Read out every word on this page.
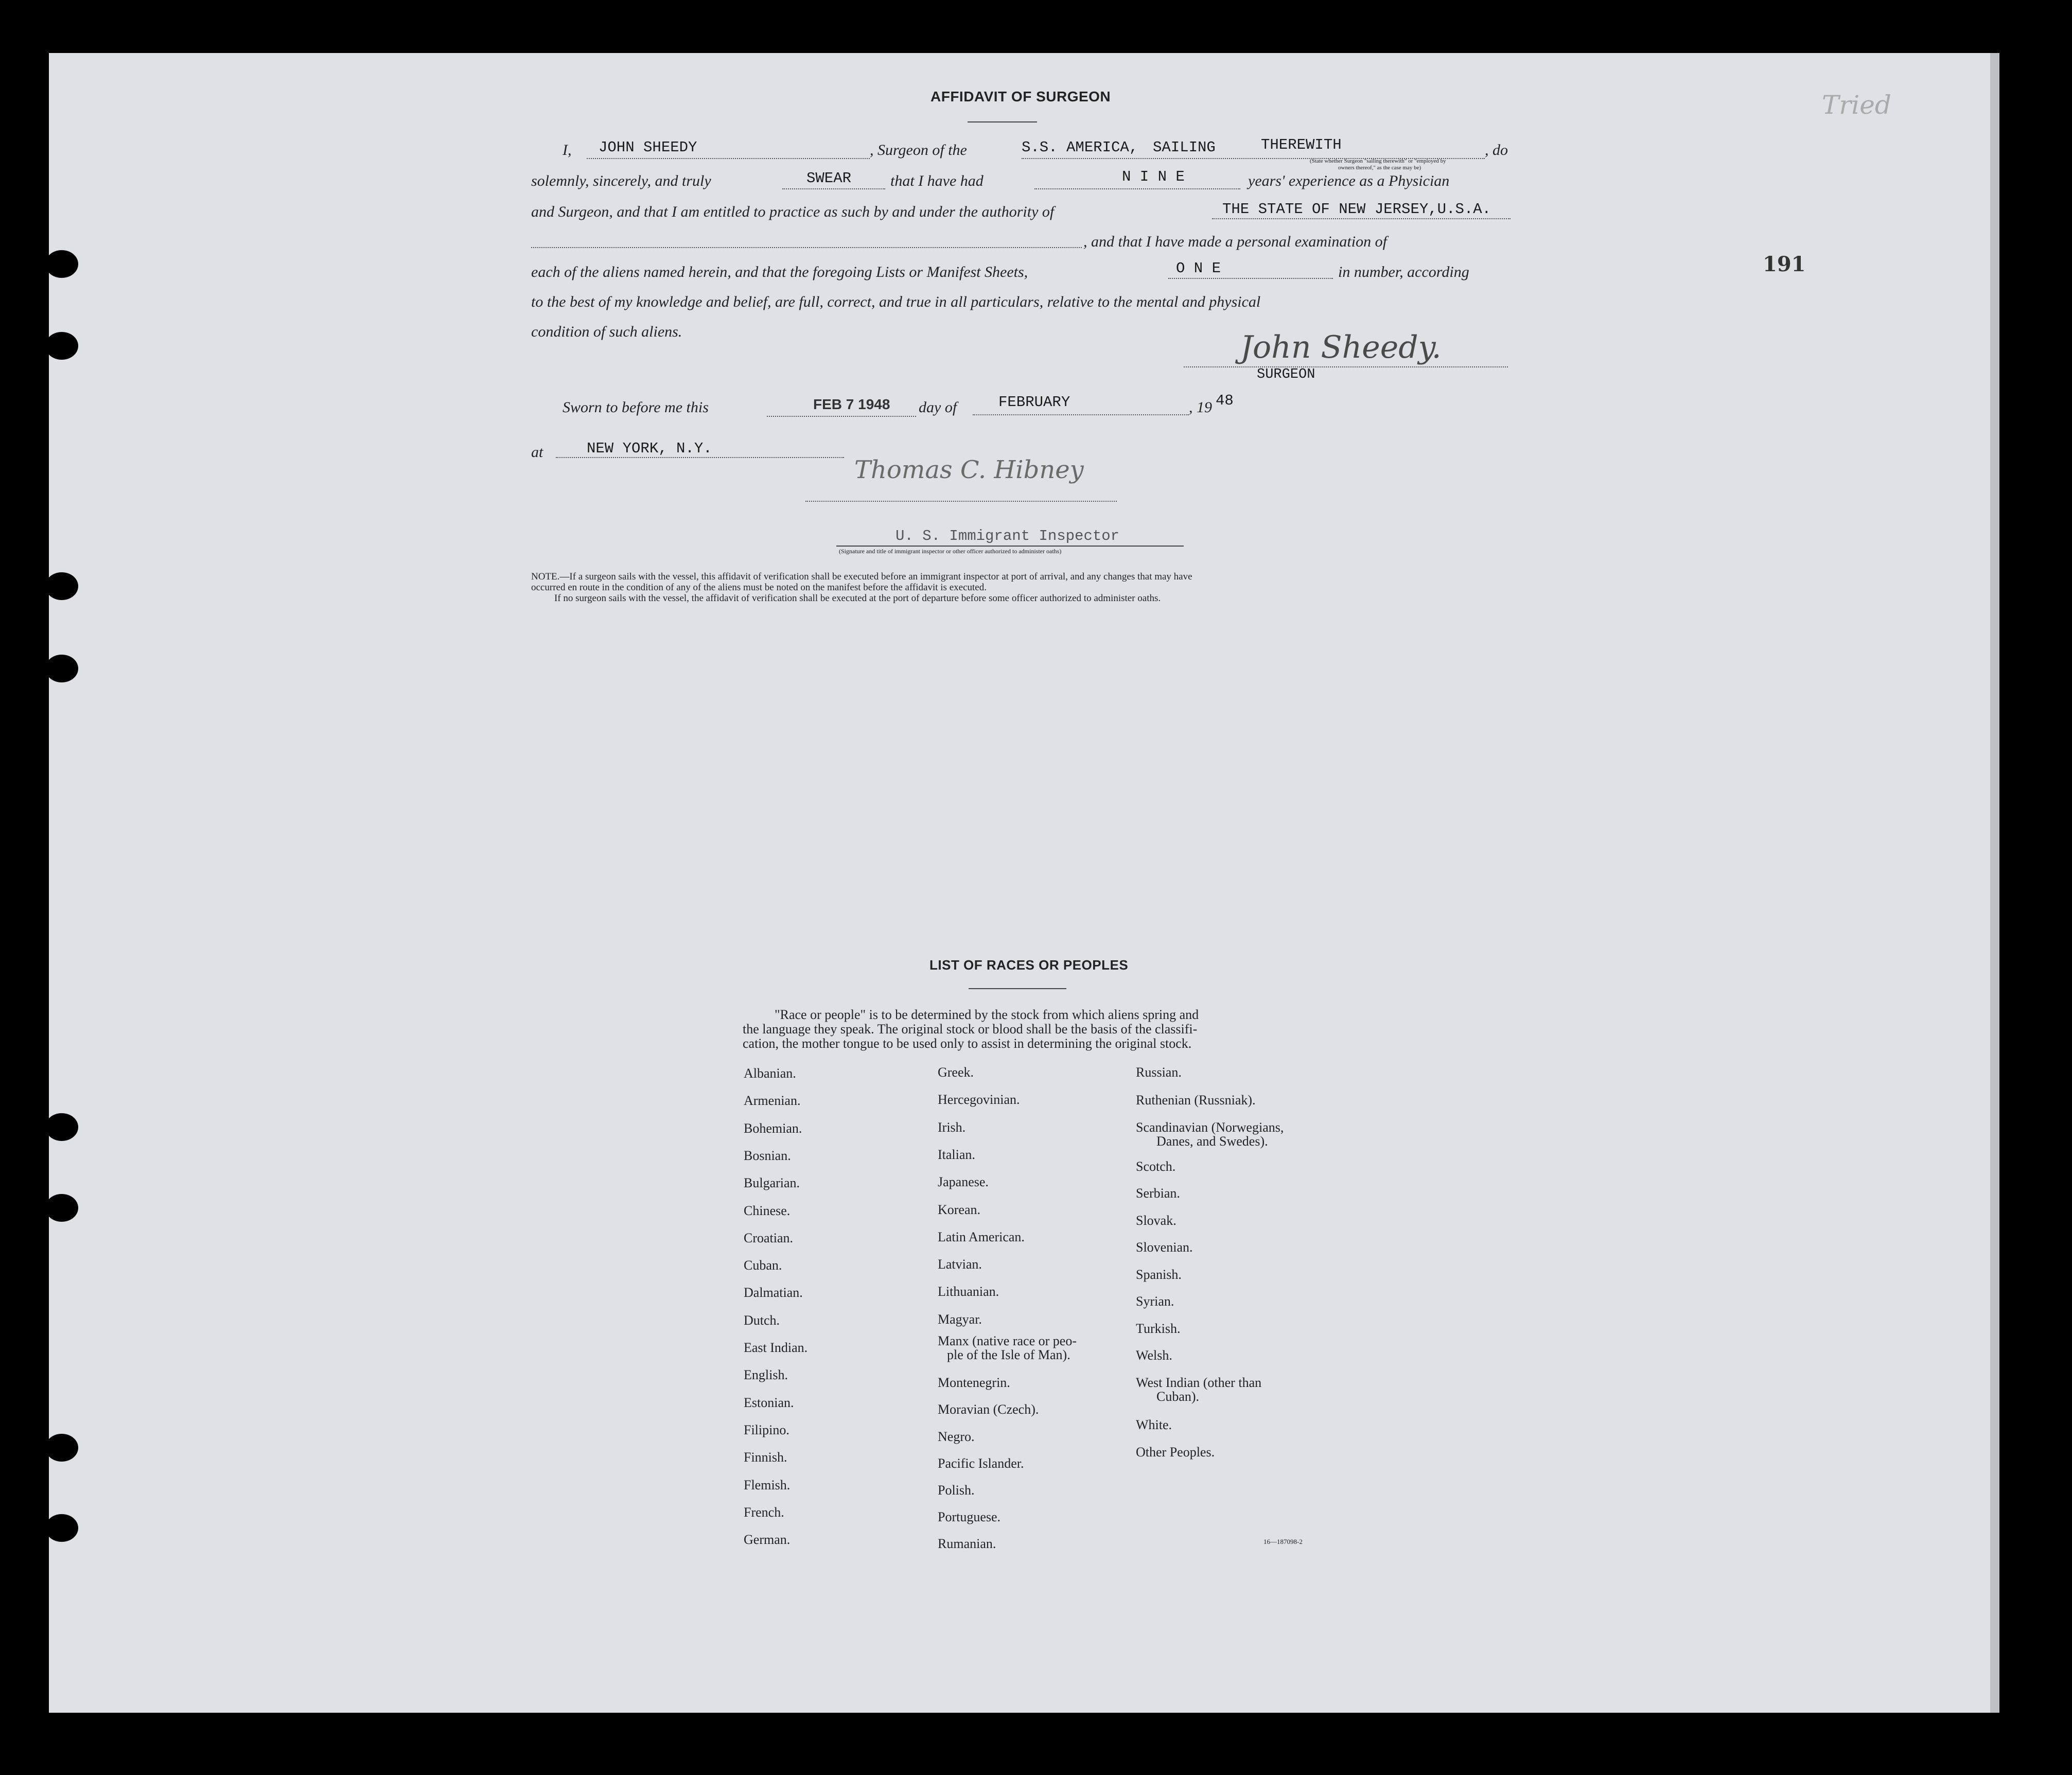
AFFIDAVIT OF SURGEON
I, JOHN SHEEDY	, Surgeon of the	S.S. AMERICA, SAILING	THEREWITH
(State whether Surgeon "sailing therewith" or "employed by
owners thereof," as the case may be)
, do
solemnly, sincerely, and truly	SWEAR	that I have had	N I N E	years' experience as a Physician
and Surgeon, and that I am entitled to practice as such by and under the authority of	THE STATE OF NEW JERSEY,U.S.A.
, and that I have made a personal examination of
each of the aliens named herein, and that the foregoing Lists or Manifest Sheets,	O N E	in number, according
to the best of my knowledge and belief, are full, correct, and true in all particulars, relative to the mental and physical
condition of such aliens.	John Sheedy.
SURGEON
Sworn to before me this	FEB 7 1948 day of	FEBRUARY	, 19 48
at	NEW YORK, N.Y.
Thomas C. Hibney
U. S. Immigrant Inspector
(Signature and title of immigrant inspector or other officer authorized to administer oaths)
NOTE.—If a surgeon sails with the vessel, this affidavit of verification shall be executed before an immigrant inspector at port of arrival, and any changes that may have
occurred en route in the condition of any of the aliens must be noted on the manifest before the affidavit is executed.
If no surgeon sails with the vessel, the affidavit of verification shall be executed at the port of departure before some officer authorized to administer oaths.
191
Tried
LIST OF RACES OR PEOPLES
"Race or people" is to be determined by the stock from which aliens spring and
the language they speak. The original stock or blood shall be the basis of the classifi-
cation, the mother tongue to be used only to assist in determining the original stock.
Albanian.
Armenian.
Bohemian.
Bosnian.
Bulgarian.
Chinese.
Croatian.
Cuban.
Dalmatian.
Dutch.
East Indian.
English.
Estonian.
Filipino.
Finnish.
Flemish.
French.
German.
Greek.
Hercegovinian.
Irish.
Italian.
Japanese.
Korean.
Latin American.
Latvian.
Lithuanian.
Magyar.
Manx (native race or peo-
ple of the Isle of Man).
Montenegrin.
Moravian (Czech).
Negro.
Pacific Islander.
Polish.
Portuguese.
Rumanian.
Russian.
Ruthenian (Russniak).
Scandinavian (Norwegians,
Danes, and Swedes).
Scotch.
Serbian.
Slovak.
Slovenian.
Spanish.
Syrian.
Turkish.
Welsh.
West Indian (other than
Cuban).
White.
Other Peoples.
16—187098-2
